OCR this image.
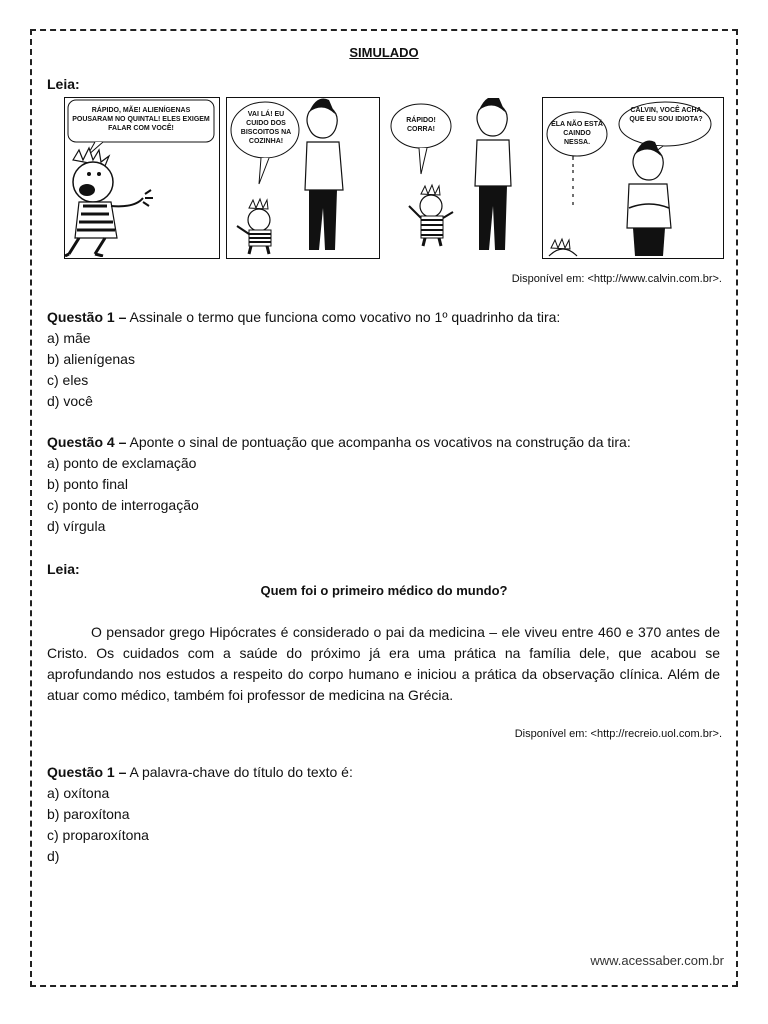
SIMULADO
Leia:
RÁPIDO, MÃE! ALIENÍGENAS POUSARAM NO QUINTAL! ELES EXIGEM FALAR COM VOCÊ!
VAI LÁ! EU CUIDO DOS BISCOITOS NA COZINHA!
RÁPIDO! CORRA!
ELA NÃO ESTÁ CAINDO NESSA.
CALVIN, VOCÊ ACHA QUE EU SOU IDIOTA?
Disponível em: <http://www.calvin.com.br>.
Questão 1 – Assinale o termo que funciona como vocativo no 1º quadrinho da tira:
a) mãe
b) alienígenas
c) eles
d) você
Questão 4 – Aponte o sinal de pontuação que acompanha os vocativos na construção da tira:
a) ponto de exclamação
b) ponto final
c) ponto de interrogação
d) vírgula
Leia:
Quem foi o primeiro médico do mundo?
O pensador grego Hipócrates é considerado o pai da medicina – ele viveu entre 460 e 370 antes de Cristo. Os cuidados com a saúde do próximo já era uma prática na família dele, que acabou se aprofundando nos estudos a respeito do corpo humano e iniciou a prática da observação clínica. Além de atuar como médico, também foi professor de medicina na Grécia.
Disponível em: <http://recreio.uol.com.br>.
Questão 1 – A palavra-chave do título do texto é:
a) oxítona
b) paroxítona
c) proparoxítona
d)
www.acessaber.com.br
